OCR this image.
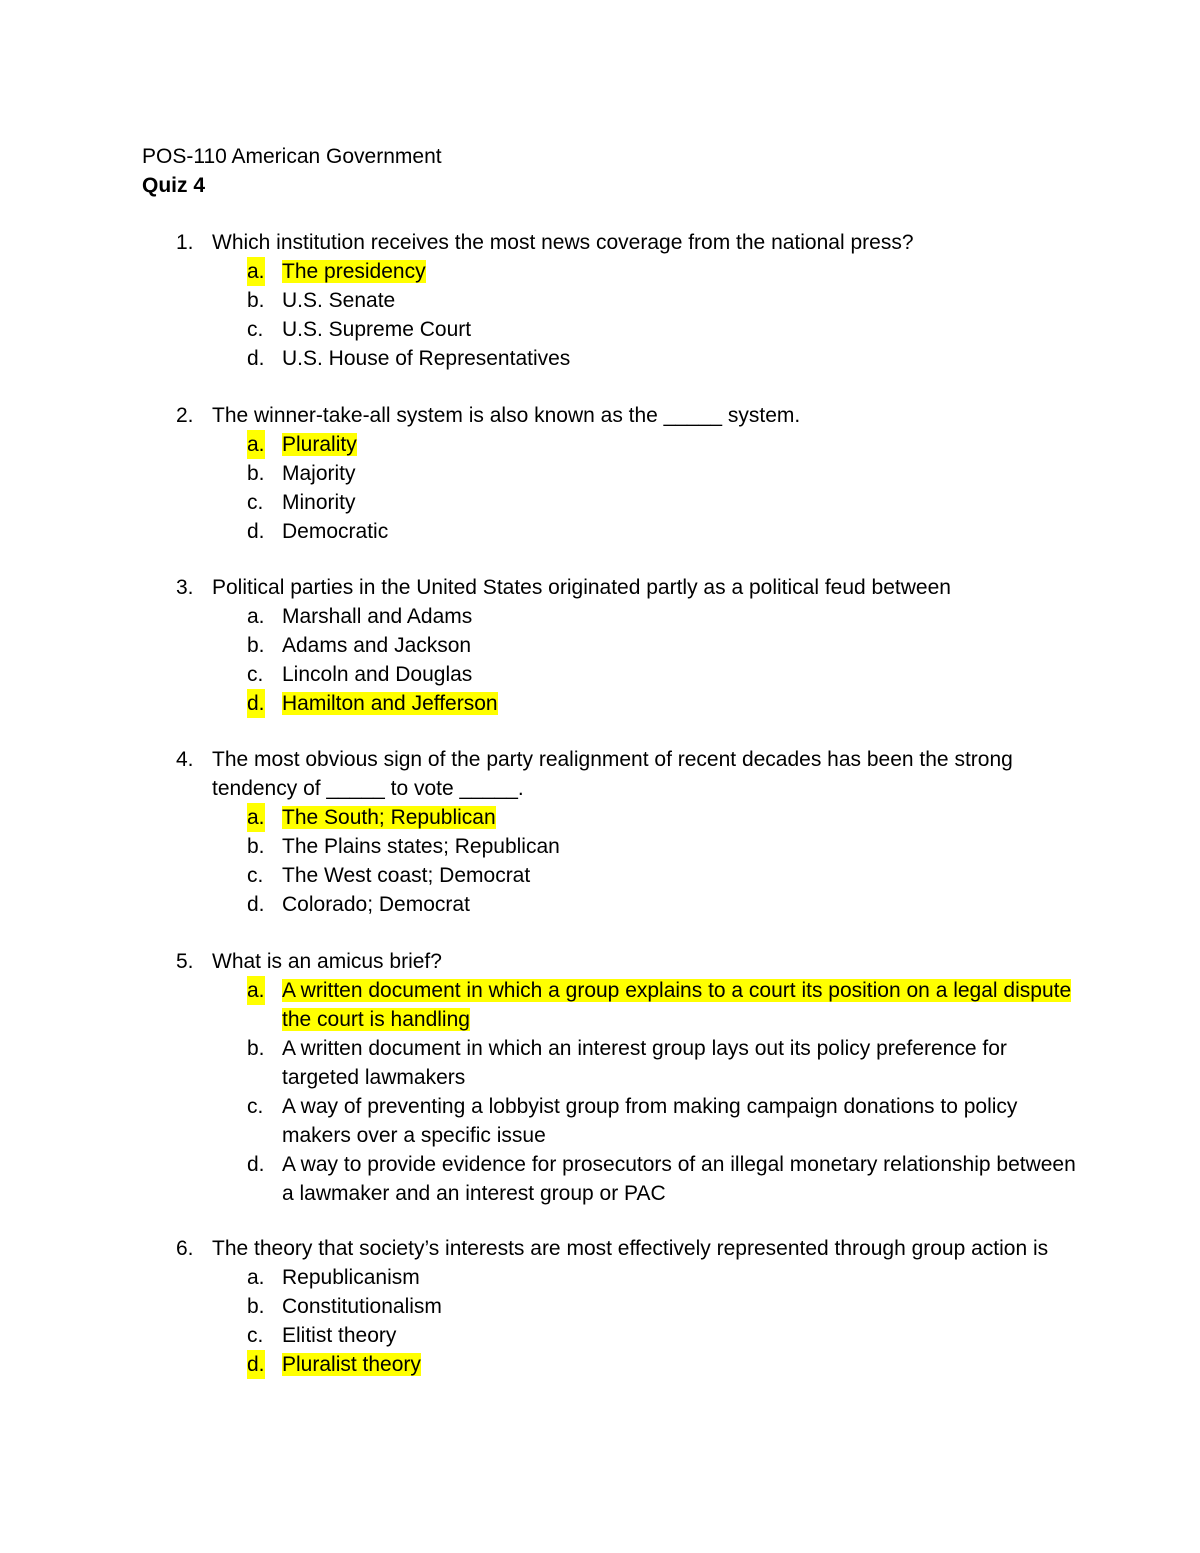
POS-110 American Government
Quiz 4
1. Which institution receives the most news coverage from the national press?
a. The presidency
b. U.S. Senate
c. U.S. Supreme Court
d. U.S. House of Representatives
2. The winner-take-all system is also known as the _____ system.
a. Plurality
b. Majority
c. Minority
d. Democratic
3. Political parties in the United States originated partly as a political feud between
a. Marshall and Adams
b. Adams and Jackson
c. Lincoln and Douglas
d. Hamilton and Jefferson
4. The most obvious sign of the party realignment of recent decades has been the strong tendency of _____ to vote _____.
a. The South; Republican
b. The Plains states; Republican
c. The West coast; Democrat
d. Colorado; Democrat
5. What is an amicus brief?
a. A written document in which a group explains to a court its position on a legal dispute the court is handling
b. A written document in which an interest group lays out its policy preference for targeted lawmakers
c. A way of preventing a lobbyist group from making campaign donations to policy makers over a specific issue
d. A way to provide evidence for prosecutors of an illegal monetary relationship between a lawmaker and an interest group or PAC
6. The theory that society’s interests are most effectively represented through group action is
a. Republicanism
b. Constitutionalism
c. Elitist theory
d. Pluralist theory
